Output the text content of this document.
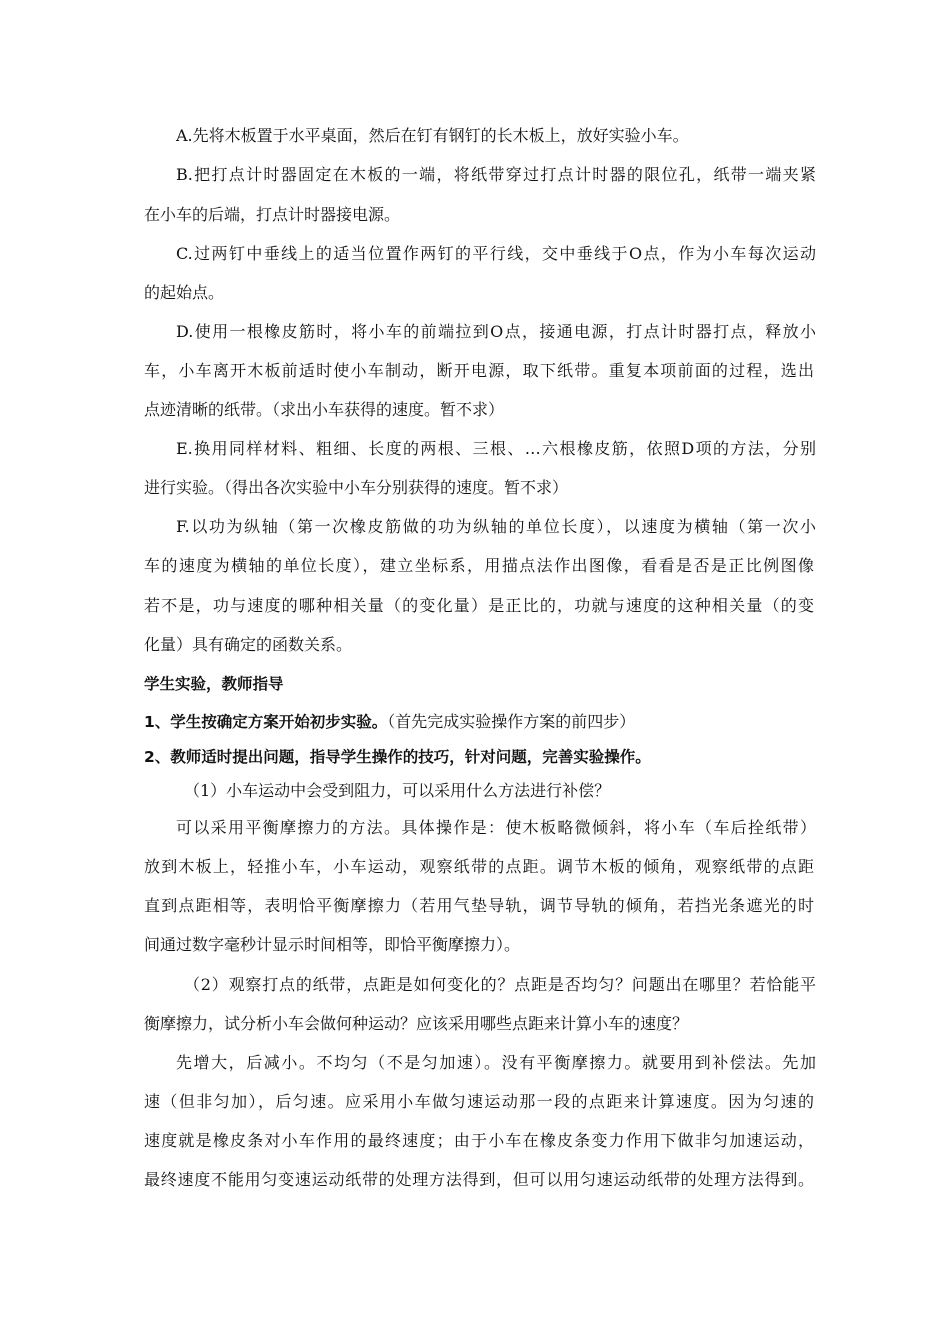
A.先将木板置于水平桌面，然后在钉有钢钉的长木板上，放好实验小车。
B.把打点计时器固定在木板的一端，将纸带穿过打点计时器的限位孔，纸带一端夹紧
在小车的后端，打点计时器接电源。
C.过两钉中垂线上的适当位置作两钉的平行线，交中垂线于O点，作为小车每次运动
的起始点。
D.使用一根橡皮筋时，将小车的前端拉到O点，接通电源，打点计时器打点，释放小
车，小车离开木板前适时使小车制动，断开电源，取下纸带。重复本项前面的过程，选出
点迹清晰的纸带。（求出小车获得的速度。暂不求）
E.换用同样材料、粗细、长度的两根、三根、…六根橡皮筋，依照D项的方法，分别
进行实验。（得出各次实验中小车分别获得的速度。暂不求）
F.以功为纵轴（第一次橡皮筋做的功为纵轴的单位长度），以速度为横轴（第一次小
车的速度为横轴的单位长度），建立坐标系，用描点法作出图像，看看是否是正比例图像
若不是，功与速度的哪种相关量（的变化量）是正比的，功就与速度的这种相关量（的变
化量）具有确定的函数关系。
学生实验，教师指导
1、学生按确定方案开始初步实验。（首先完成实验操作方案的前四步）
2、教师适时提出问题，指导学生操作的技巧，针对问题，完善实验操作。
（1）小车运动中会受到阻力，可以采用什么方法进行补偿？
可以采用平衡摩擦力的方法。具体操作是：使木板略微倾斜，将小车（车后拴纸带）
放到木板上，轻推小车，小车运动，观察纸带的点距。调节木板的倾角，观察纸带的点距
直到点距相等，表明恰平衡摩擦力（若用气垫导轨，调节导轨的倾角，若挡光条遮光的时
间通过数字毫秒计显示时间相等，即恰平衡摩擦力）。
（2）观察打点的纸带，点距是如何变化的？点距是否均匀？问题出在哪里？若恰能平
衡摩擦力，试分析小车会做何种运动？应该采用哪些点距来计算小车的速度？
先增大，后减小。不均匀（不是匀加速）。没有平衡摩擦力。就要用到补偿法。先加
速（但非匀加），后匀速。应采用小车做匀速运动那一段的点距来计算速度。因为匀速的
速度就是橡皮条对小车作用的最终速度；由于小车在橡皮条变力作用下做非匀加速运动，
最终速度不能用匀变速运动纸带的处理方法得到，但可以用匀速运动纸带的处理方法得到。
